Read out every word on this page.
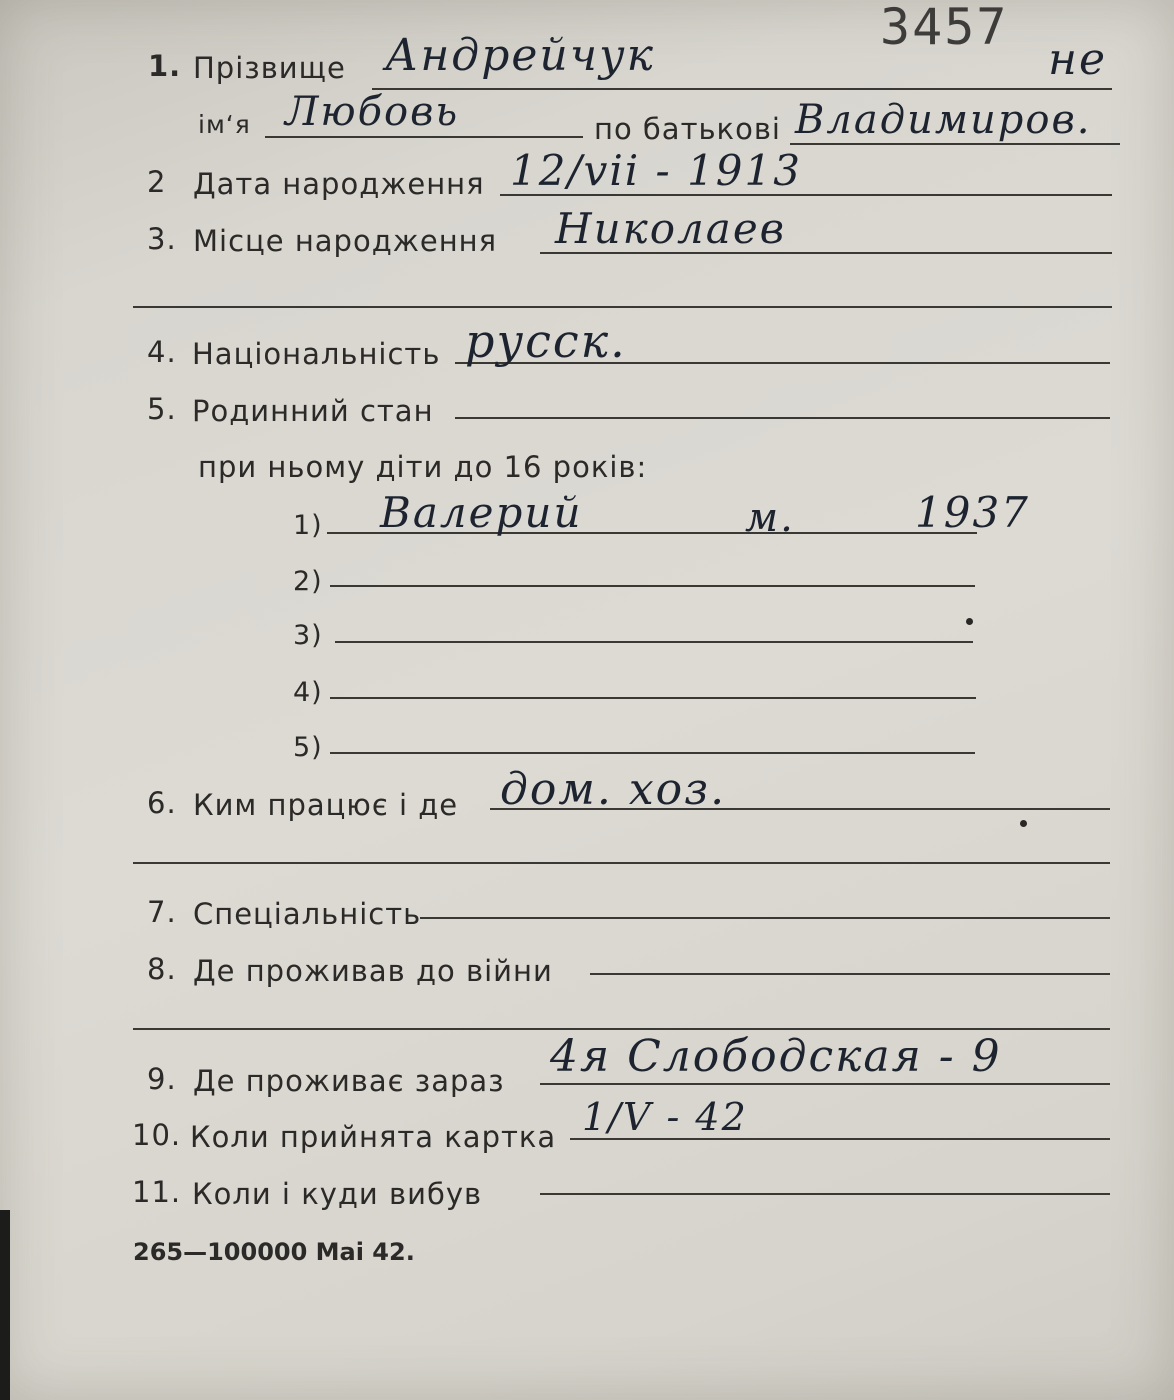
3457
1. Прізвище Андрейчук	не
ім‘я Любовь	по батькові Владимиров.
2 Дата народження 12/vii - 1913
3. Місце народження Николаев
4. Національність русск.
5. Родинний стан
при ньому діти до 16 років:
1) Валерий	м.	1937
2)
3)
4)
5)
6. Ким працює і де дом. хоз.
7. Спеціальність
8. Де проживав до війни
9. Де проживає зараз 4я Слободская - 9
10. Коли прийнята картка 1/V - 42
11. Коли і куди вибув
265—100000 Mai 42.
